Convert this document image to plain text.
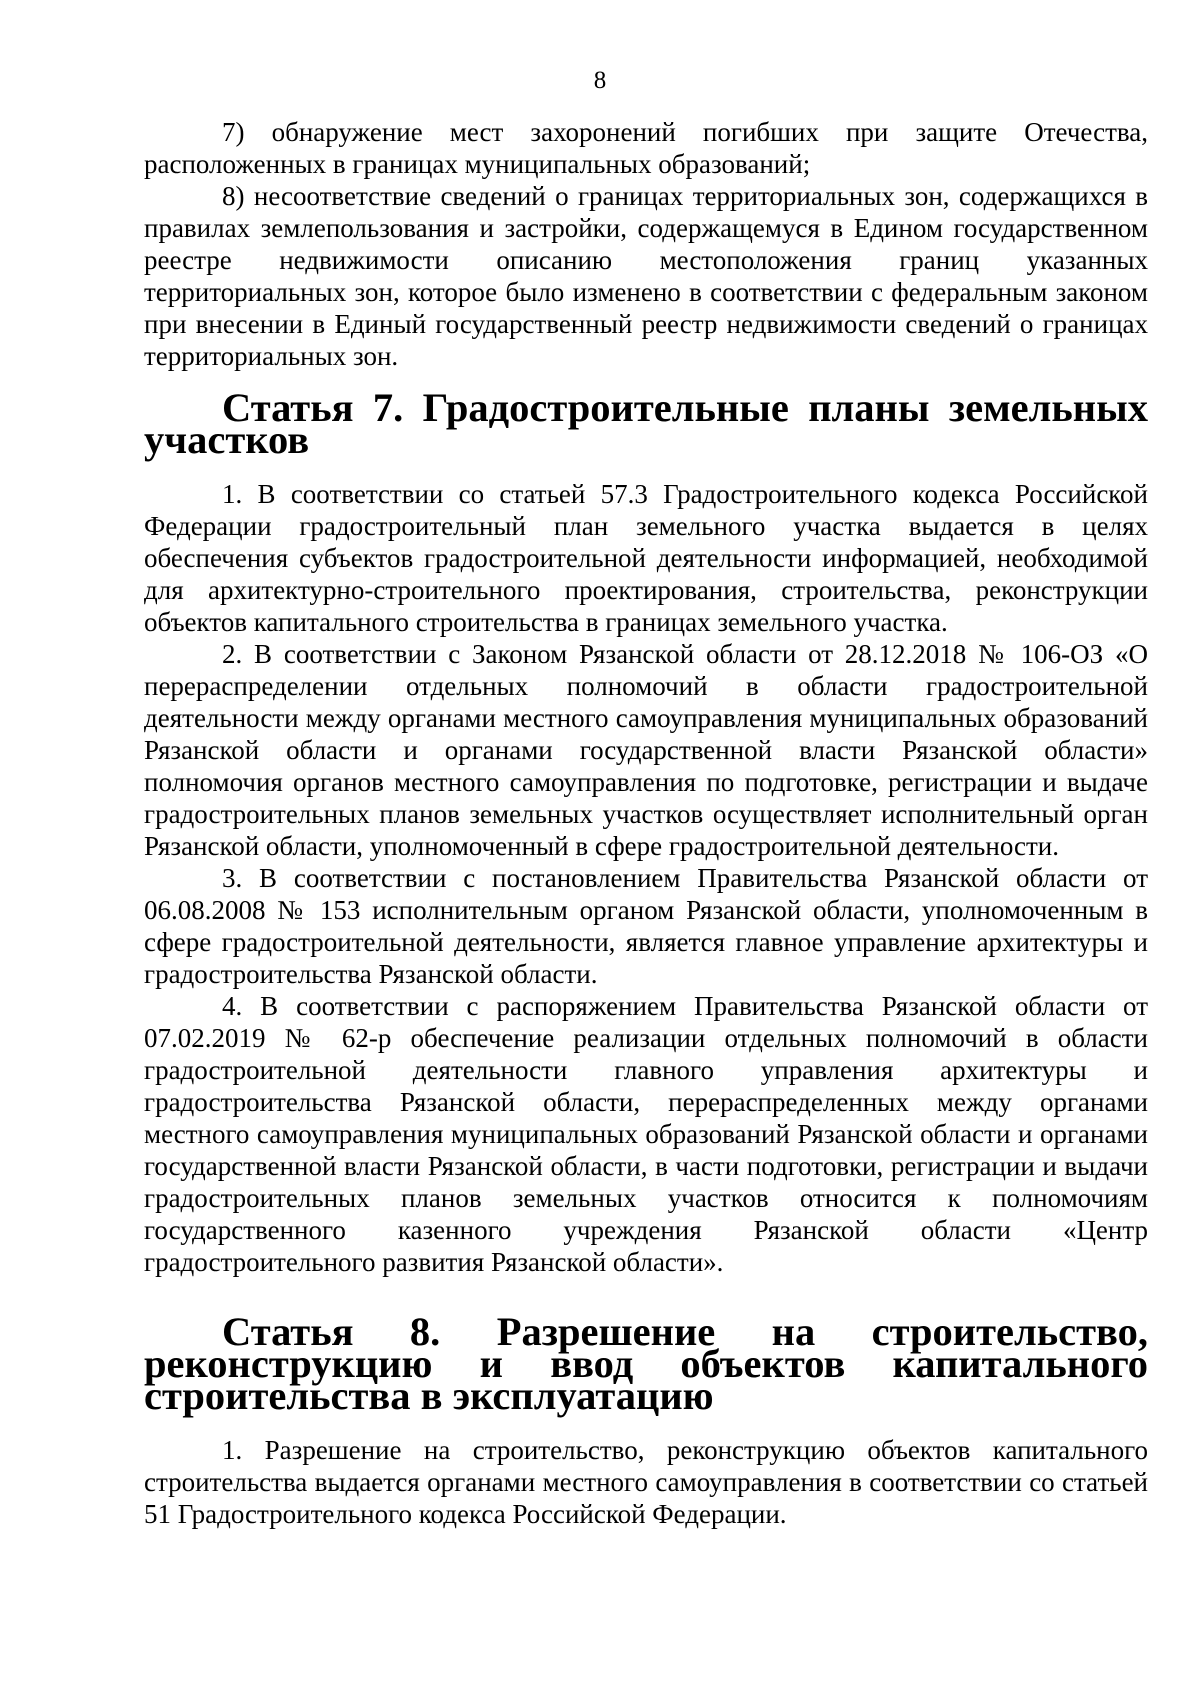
8

7) обнаружение мест захоронений погибших при защите Отечества, расположенных в границах муниципальных образований;

8) несоответствие сведений о границах территориальных зон, содержащихся в правилах землепользования и застройки, содержащемуся в Едином государственном реестре недвижимости описанию местоположения границ указанных территориальных зон, которое было изменено в соответствии с федеральным законом при внесении в Единый государственный реестр недвижимости сведений о границах территориальных зон.

Статья 7. Градостроительные планы земельных участков

1. В соответствии со статьей 57.3 Градостроительного кодекса Российской Федерации градостроительный план земельного участка выдается в целях обеспечения субъектов градостроительной деятельности информацией, необходимой для архитектурно-строительного проектирования, строительства, реконструкции объектов капитального строительства в границах земельного участка.

2. В соответствии с Законом Рязанской области от 28.12.2018 № 106-ОЗ «О перераспределении отдельных полномочий в области градостроительной деятельности между органами местного самоуправления муниципальных образований Рязанской области и органами государственной власти Рязанской области» полномочия органов местного самоуправления по подготовке, регистрации и выдаче градостроительных планов земельных участков осуществляет исполнительный орган Рязанской области, уполномоченный в сфере градостроительной деятельности.

3. В соответствии с постановлением Правительства Рязанской области от 06.08.2008 № 153 исполнительным органом Рязанской области, уполномоченным в сфере градостроительной деятельности, является главное управление архитектуры и градостроительства Рязанской области.

4. В соответствии с распоряжением Правительства Рязанской области от 07.02.2019 № 62-р обеспечение реализации отдельных полномочий в области градостроительной деятельности главного управления архитектуры и градостроительства Рязанской области, перераспределенных между органами местного самоуправления муниципальных образований Рязанской области и органами государственной власти Рязанской области, в части подготовки, регистрации и выдачи градостроительных планов земельных участков относится к полномочиям государственного казенного учреждения Рязанской области «Центр градостроительного развития Рязанской области».

Статья 8. Разрешение на строительство, реконструкцию и ввод объектов капитального строительства в эксплуатацию

1. Разрешение на строительство, реконструкцию объектов капитального строительства выдается органами местного самоуправления в соответствии со статьей 51 Градостроительного кодекса Российской Федерации.
